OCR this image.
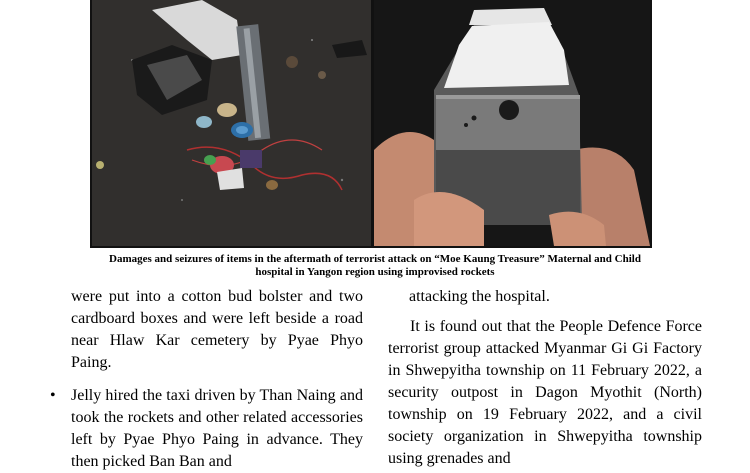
Damages and seizures of items in the aftermath of terrorist attack on “Moe Kaung Treasure” Maternal and Child
hospital in Yangon region using improvised rockets

were put into a cotton bud bolster and two cardboard boxes and were left beside a road near Hlaw Kar cemetery by Pyae Phyo Paing.

• Jelly hired the taxi driven by Than Naing and took the rockets and other related accessories left by Pyae Phyo Paing in advance. They then picked Ban Ban and

attacking the hospital.

It is found out that the People Defence Force terrorist group attacked Myanmar Gi Gi Factory in Shwepyitha township on 11 February 2022, a security outpost in Dagon Myothit (North) township on 19 February 2022, and a civil society organization in Shwepyitha township using grenades and
